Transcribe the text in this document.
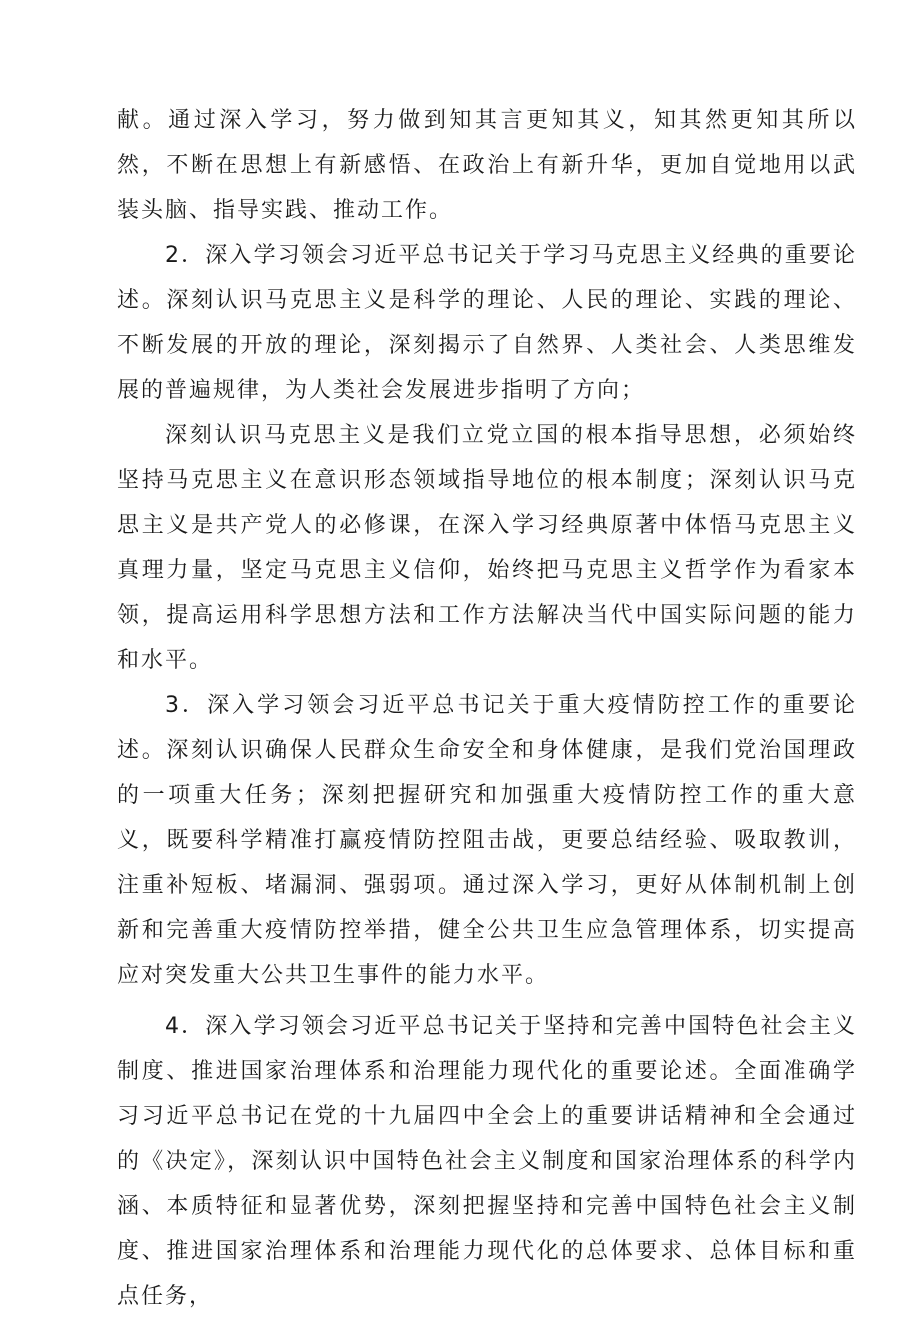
献。通过深入学习，努力做到知其言更知其义，知其然更知其所以然，不断在思想上有新感悟、在政治上有新升华，更加自觉地用以武装头脑、指导实践、推动工作。

2．深入学习领会习近平总书记关于学习马克思主义经典的重要论述。深刻认识马克思主义是科学的理论、人民的理论、实践的理论、不断发展的开放的理论，深刻揭示了自然界、人类社会、人类思维发展的普遍规律，为人类社会发展进步指明了方向；

深刻认识马克思主义是我们立党立国的根本指导思想，必须始终坚持马克思主义在意识形态领域指导地位的根本制度；深刻认识马克思主义是共产党人的必修课，在深入学习经典原著中体悟马克思主义真理力量，坚定马克思主义信仰，始终把马克思主义哲学作为看家本领，提高运用科学思想方法和工作方法解决当代中国实际问题的能力和水平。

3．深入学习领会习近平总书记关于重大疫情防控工作的重要论述。深刻认识确保人民群众生命安全和身体健康，是我们党治国理政的一项重大任务；深刻把握研究和加强重大疫情防控工作的重大意义，既要科学精准打赢疫情防控阻击战，更要总结经验、吸取教训，注重补短板、堵漏洞、强弱项。通过深入学习，更好从体制机制上创新和完善重大疫情防控举措，健全公共卫生应急管理体系，切实提高应对突发重大公共卫生事件的能力水平。

4．深入学习领会习近平总书记关于坚持和完善中国特色社会主义制度、推进国家治理体系和治理能力现代化的重要论述。全面准确学习习近平总书记在党的十九届四中全会上的重要讲话精神和全会通过的《决定》，深刻认识中国特色社会主义制度和国家治理体系的科学内涵、本质特征和显著优势，深刻把握坚持和完善中国特色社会主义制度、推进国家治理体系和治理能力现代化的总体要求、总体目标和重点任务，
